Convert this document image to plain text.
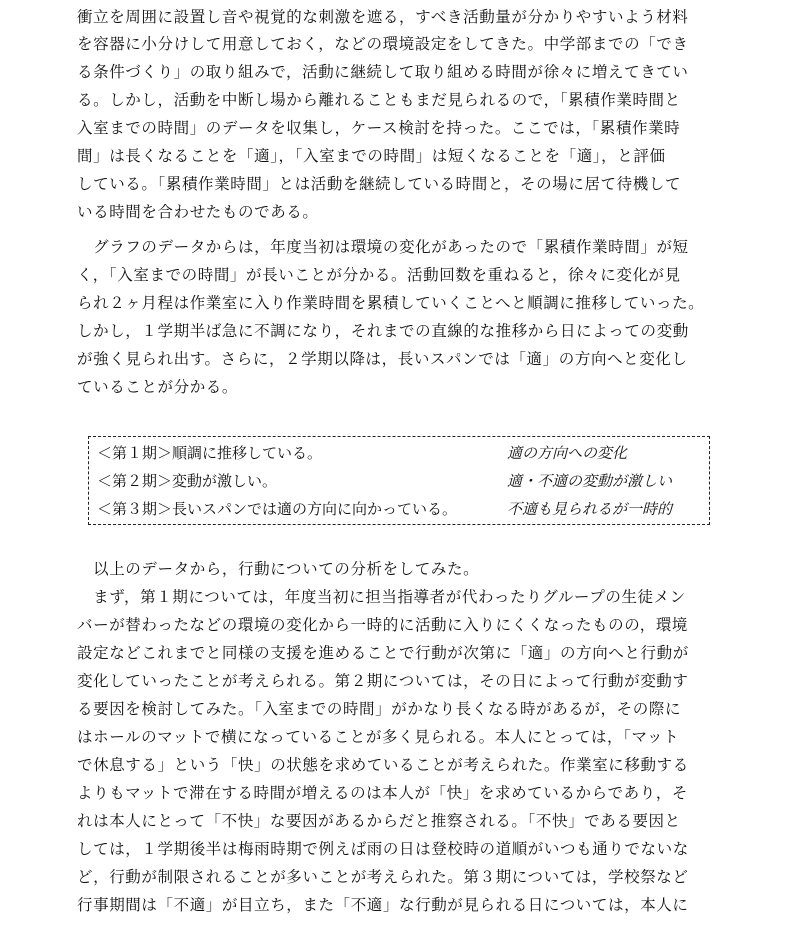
衝立を周囲に設置し音や視覚的な刺激を遮る，すべき活動量が分かりやすいよう材料
を容器に小分けして用意しておく，などの環境設定をしてきた。中学部までの「でき
る条件づくり」の取り組みで，活動に継続して取り組める時間が徐々に増えてきてい
る。しかし，活動を中断し場から離れることもまだ見られるので，「累積作業時間と
入室までの時間」のデータを収集し，ケース検討を持った。ここでは，「累積作業時
間」は長くなることを「適」，「入室までの時間」は短くなることを「適」，と評価
している。「累積作業時間」とは活動を継続している時間と，その場に居て待機して
いる時間を合わせたものである。
　グラフのデータからは，年度当初は環境の変化があったので「累積作業時間」が短
く，「入室までの時間」が長いことが分かる。活動回数を重ねると，徐々に変化が見
られ２ヶ月程は作業室に入り作業時間を累積していくことへと順調に推移していった。
しかし，１学期半ば急に不調になり，それまでの直線的な推移から日によっての変動
が強く見られ出す。さらに，２学期以降は，長いスパンでは「適」の方向へと変化し
ていることが分かる。
＜第１期＞順調に推移している。	適の方向への変化
＜第２期＞変動が激しい。	適・不適の変動が激しい
＜第３期＞長いスパンでは適の方向に向かっている。	不適も見られるが一時的
　以上のデータから，行動についての分析をしてみた。
　まず，第１期については，年度当初に担当指導者が代わったりグループの生徒メン
バーが替わったなどの環境の変化から一時的に活動に入りにくくなったものの，環境
設定などこれまでと同様の支援を進めることで行動が次第に「適」の方向へと行動が
変化していったことが考えられる。第２期については，その日によって行動が変動す
る要因を検討してみた。「入室までの時間」がかなり長くなる時があるが，その際に
はホールのマットで横になっていることが多く見られる。本人にとっては，「マット
で休息する」という「快」の状態を求めていることが考えられた。作業室に移動する
よりもマットで滞在する時間が増えるのは本人が「快」を求めているからであり，そ
れは本人にとって「不快」な要因があるからだと推察される。「不快」である要因と
しては，１学期後半は梅雨時期で例えば雨の日は登校時の道順がいつも通りでないな
ど，行動が制限されることが多いことが考えられた。第３期については，学校祭など
行事期間は「不適」が目立ち，また「不適」な行動が見られる日については，本人に
